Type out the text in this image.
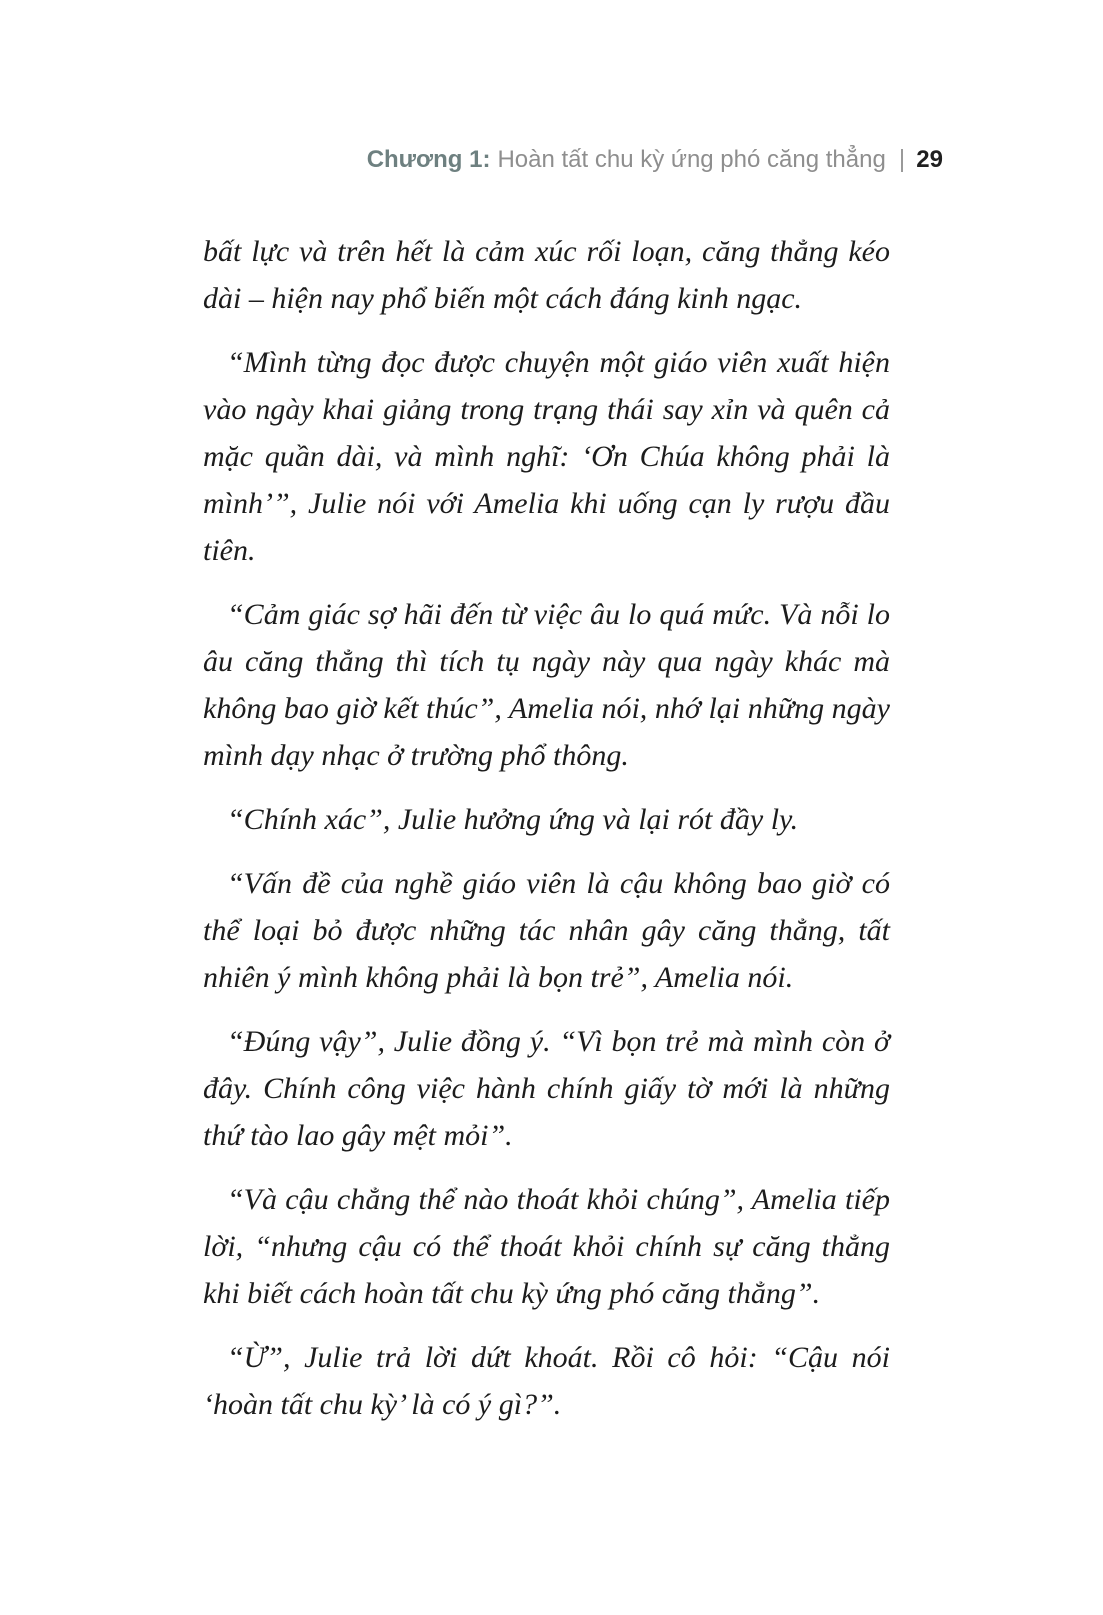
Chương 1: Hoàn tất chu kỳ ứng phó căng thẳng | 29

bất lực và trên hết là cảm xúc rối loạn, căng thẳng kéo dài – hiện nay phổ biến một cách đáng kinh ngạc.

“Mình từng đọc được chuyện một giáo viên xuất hiện vào ngày khai giảng trong trạng thái say xỉn và quên cả mặc quần dài, và mình nghĩ: ‘Ơn Chúa không phải là mình’”, Julie nói với Amelia khi uống cạn ly rượu đầu tiên.

“Cảm giác sợ hãi đến từ việc âu lo quá mức. Và nỗi lo âu căng thẳng thì tích tụ ngày này qua ngày khác mà không bao giờ kết thúc”, Amelia nói, nhớ lại những ngày mình dạy nhạc ở trường phổ thông.

“Chính xác”, Julie hưởng ứng và lại rót đầy ly.

“Vấn đề của nghề giáo viên là cậu không bao giờ có thể loại bỏ được những tác nhân gây căng thẳng, tất nhiên ý mình không phải là bọn trẻ”, Amelia nói.

“Đúng vậy”, Julie đồng ý. “Vì bọn trẻ mà mình còn ở đây. Chính công việc hành chính giấy tờ mới là những thứ tào lao gây mệt mỏi”.

“Và cậu chẳng thể nào thoát khỏi chúng”, Amelia tiếp lời, “nhưng cậu có thể thoát khỏi chính sự căng thẳng khi biết cách hoàn tất chu kỳ ứng phó căng thẳng”.

“Ừ”, Julie trả lời dứt khoát. Rồi cô hỏi: “Cậu nói ‘hoàn tất chu kỳ’ là có ý gì?”.
